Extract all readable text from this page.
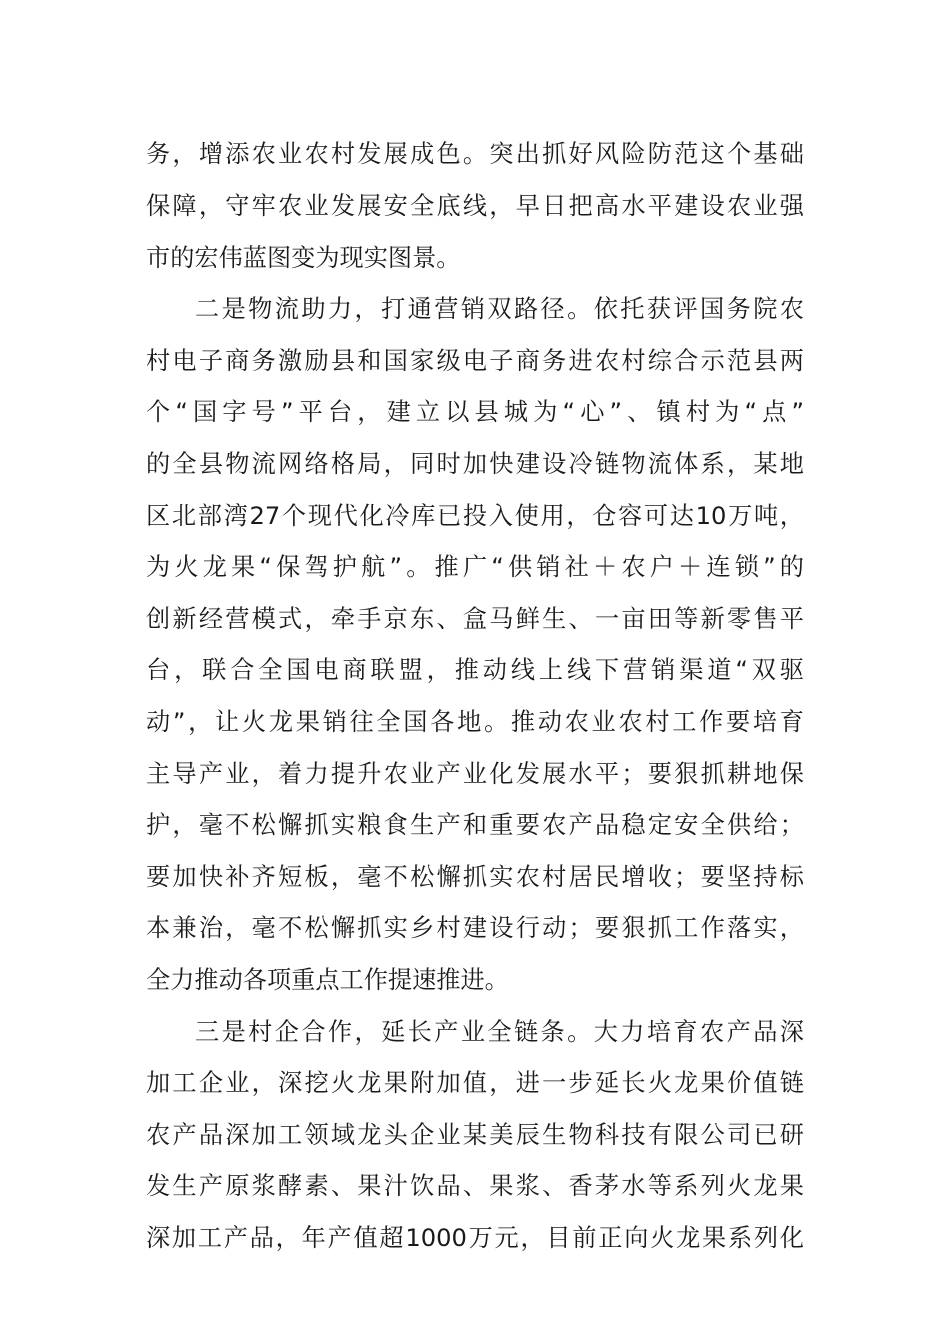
务，增添农业农村发展成色。突出抓好风险防范这个基础
保障，守牢农业发展安全底线，早日把高水平建设农业强
市的宏伟蓝图变为现实图景。
二是物流助力，打通营销双路径。依托获评国务院农
村电子商务激励县和国家级电子商务进农村综合示范县两
个“国字号”平台，建立以县城为“心”、镇村为“点”
的全县物流网络格局，同时加快建设冷链物流体系，某地
区北部湾27个现代化冷库已投入使用，仓容可达10万吨，
为火龙果“保驾护航”。推广“供销社＋农户＋连锁”的
创新经营模式，牵手京东、盒马鲜生、一亩田等新零售平
台，联合全国电商联盟，推动线上线下营销渠道“双驱
动”，让火龙果销往全国各地。推动农业农村工作要培育
主导产业，着力提升农业产业化发展水平；要狠抓耕地保
护，毫不松懈抓实粮食生产和重要农产品稳定安全供给；
要加快补齐短板，毫不松懈抓实农村居民增收；要坚持标
本兼治，毫不松懈抓实乡村建设行动；要狠抓工作落实，
全力推动各项重点工作提速推进。
三是村企合作，延长产业全链条。大力培育农产品深
加工企业，深挖火龙果附加值，进一步延长火龙果价值链
农产品深加工领域龙头企业某美辰生物科技有限公司已研
发生产原浆酵素、果汁饮品、果浆、香茅水等系列火龙果
深加工产品，年产值超1000万元，目前正向火龙果系列化
